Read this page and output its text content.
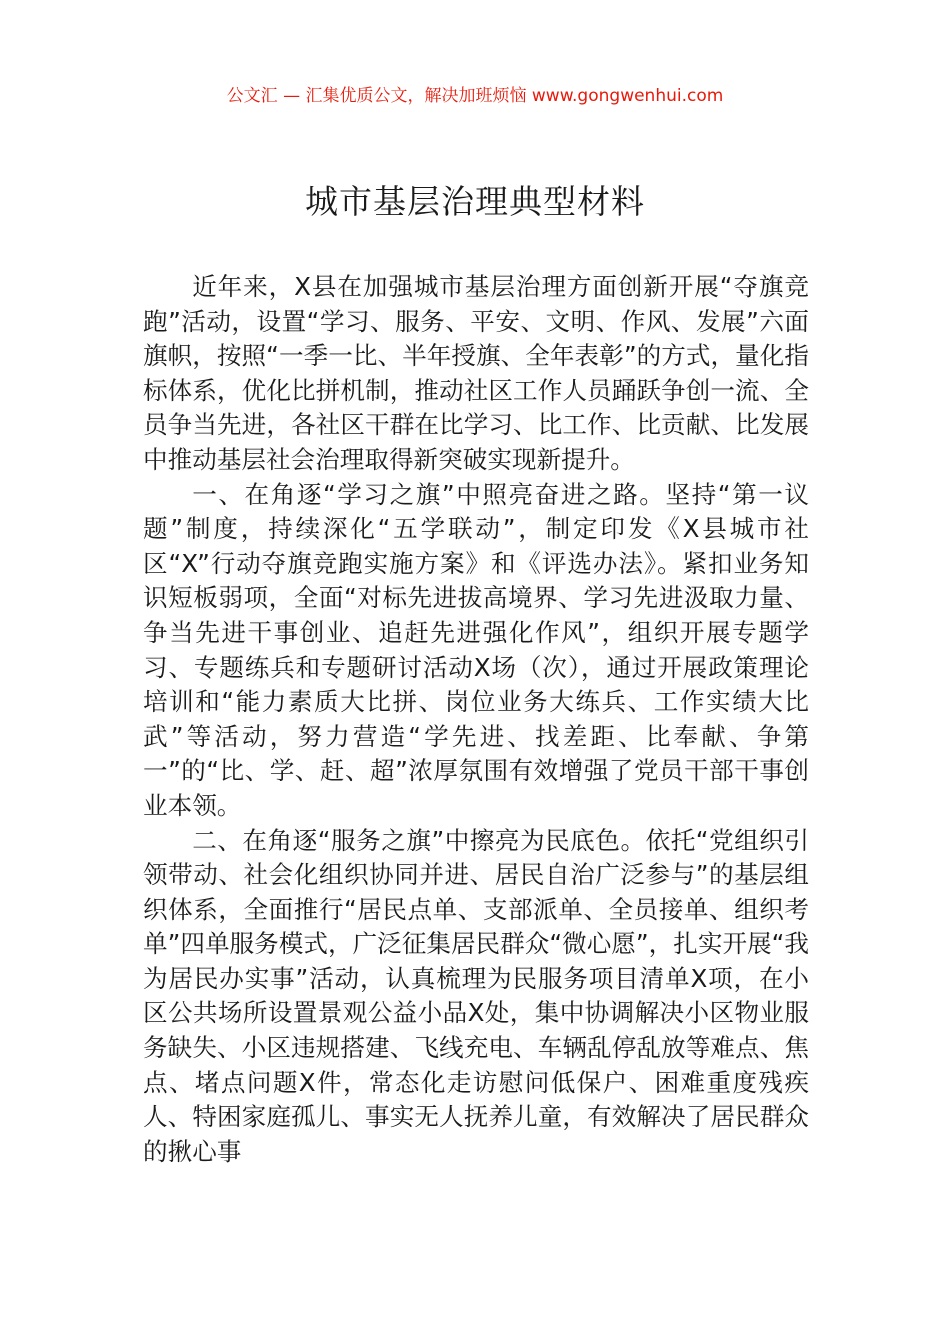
公文汇 — 汇集优质公文，解决加班烦恼 www.gongwenhui.com
城市基层治理典型材料

近年来，X县在加强城市基层治理方面创新开展“夺旗竞跑”活动，设置“学习、服务、平安、文明、作风、发展”六面旗帜，按照“一季一比、半年授旗、全年表彰”的方式，量化指标体系，优化比拼机制，推动社区工作人员踊跃争创一流、全员争当先进，各社区干群在比学习、比工作、比贡献、比发展中推动基层社会治理取得新突破实现新提升。

一、在角逐“学习之旗”中照亮奋进之路。坚持“第一议题”制度，持续深化“五学联动”，制定印发《X县城市社区“X”行动夺旗竞跑实施方案》和《评选办法》。紧扣业务知识短板弱项，全面“对标先进拔高境界、学习先进汲取力量、争当先进干事创业、追赶先进强化作风”，组织开展专题学习、专题练兵和专题研讨活动X场（次），通过开展政策理论培训和“能力素质大比拼、岗位业务大练兵、工作实绩大比武”等活动，努力营造“学先进、找差距、比奉献、争第一”的“比、学、赶、超”浓厚氛围有效增强了党员干部干事创业本领。

二、在角逐“服务之旗”中擦亮为民底色。依托“党组织引领带动、社会化组织协同并进、居民自治广泛参与”的基层组织体系，全面推行“居民点单、支部派单、全员接单、组织考单”四单服务模式，广泛征集居民群众“微心愿”，扎实开展“我为居民办实事”活动，认真梳理为民服务项目清单X项，在小区公共场所设置景观公益小品X处，集中协调解决小区物业服务缺失、小区违规搭建、飞线充电、车辆乱停乱放等难点、焦点、堵点问题X件，常态化走访慰问低保户、困难重度残疾人、特困家庭孤儿、事实无人抚养儿童，有效解决了居民群众的揪心事
